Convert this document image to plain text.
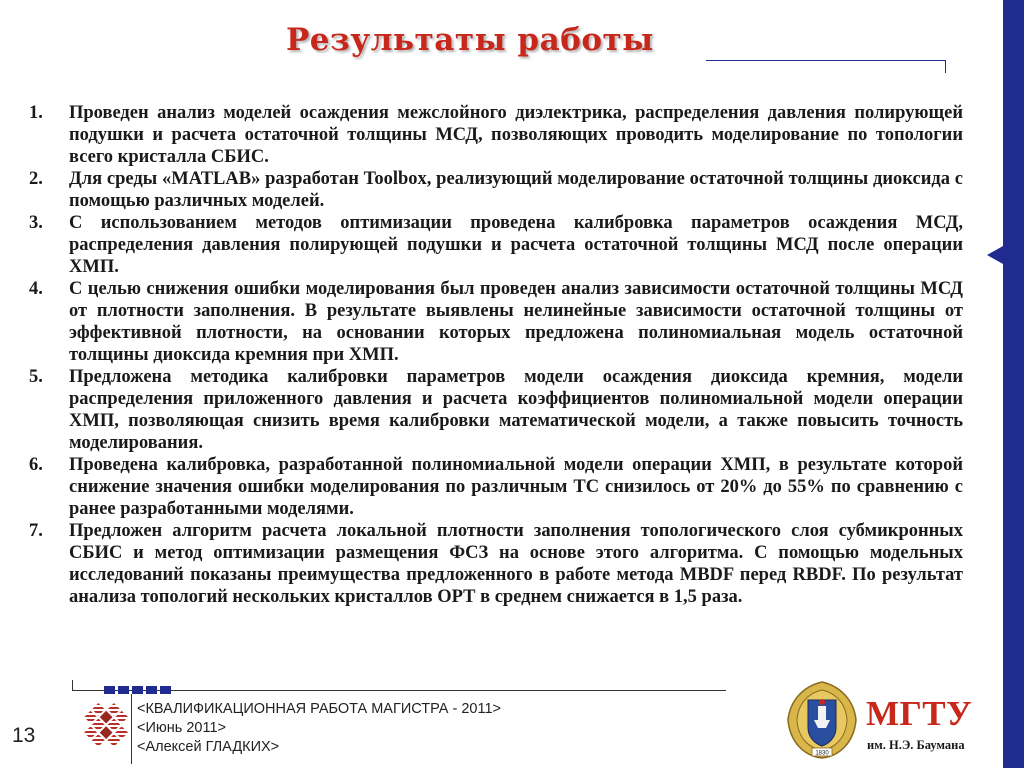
Результаты работы
1. Проведен анализ моделей осаждения межслойного диэлектрика, распределения давления полирующей подушки и расчета остаточной толщины МСД, позволяющих проводить моделирование по топологии всего кристалла СБИС.
2. Для среды «MATLAB» разработан Toolbox, реализующий моделирование остаточной толщины диоксида с помощью различных моделей.
3. С использованием методов оптимизации проведена калибровка параметров осаждения МСД, распределения давления полирующей подушки и расчета остаточной толщины МСД после операции ХМП.
4. С целью снижения ошибки моделирования был проведен анализ зависимости остаточной толщины МСД от плотности заполнения. В результате выявлены нелинейные зависимости остаточной толщины от эффективной плотности, на основании которых предложена полиномиальная модель остаточной толщины диоксида кремния при ХМП.
5. Предложена методика калибровки параметров модели осаждения диоксида кремния, модели распределения приложенного давления и расчета коэффициентов полиномиальной модели операции ХМП, позволяющая снизить время калибровки математической модели, а также повысить точность моделирования.
6. Проведена калибровка, разработанной полиномиальной модели операции ХМП, в результате которой снижение значения ошибки моделирования по различным ТС снизилось от 20% до 55% по сравнению с ранее разработанными моделями.
7. Предложен алгоритм расчета локальной плотности заполнения топологического слоя субмикронных СБИС и метод оптимизации размещения ФСЗ на основе этого алгоритма. С помощью модельных исследований показаны преимущества предложенного в работе метода MBDF перед RBDF. По результат анализа топологий нескольких кристаллов ОРТ в среднем снижается в 1,5 раза.
<КВАЛИФИКАЦИОННАЯ РАБОТА МАГИСТРА - 2011>
<Июнь 2011>
<Алексей ГЛАДКИХ>
13
1830
МГТУ
им. Н.Э. Баумана
